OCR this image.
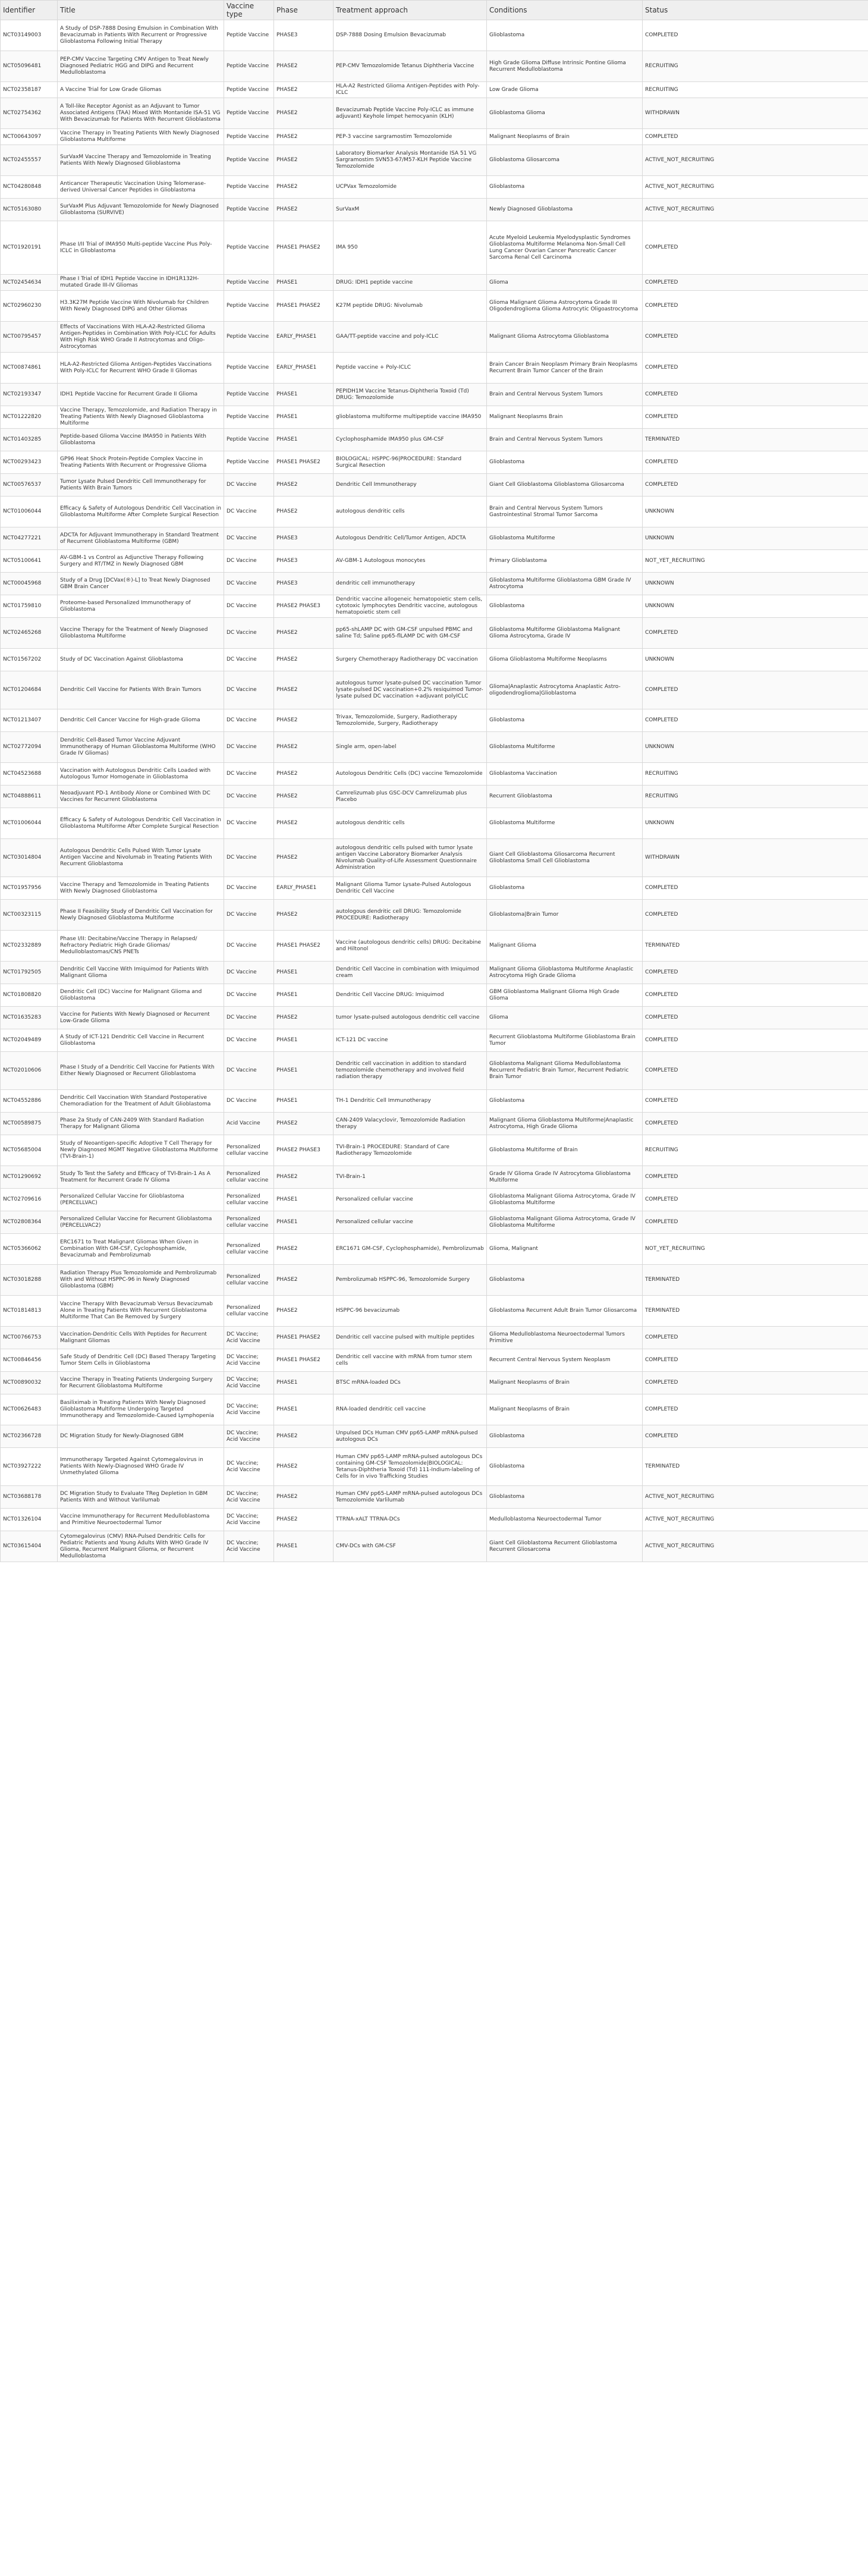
Identifier	Title	Vaccine type	Phase	Treatment approach	Conditions	Status
NCT03149003	A Study of DSP-7888 Dosing Emulsion in Combination With Bevacizumab in Patients With Recurrent or Progressive Glioblastoma Following Initial Therapy	Peptide Vaccine	PHASE3	DSP-7888 Dosing Emulsion Bevacizumab	Glioblastoma	COMPLETED
NCT05096481	PEP-CMV Vaccine Targeting CMV Antigen to Treat Newly Diagnosed Pediatric HGG and DIPG and Recurrent Medulloblastoma	Peptide Vaccine	PHASE2	PEP-CMV Temozolomide Tetanus Diphtheria Vaccine	High Grade Glioma Diffuse Intrinsic Pontine Glioma Recurrent Medulloblastoma	RECRUITING
NCT02358187	A Vaccine Trial for Low Grade Gliomas	Peptide Vaccine	PHASE2	HLA-A2 Restricted Glioma Antigen-Peptides with Poly-ICLC	Low Grade Glioma	RECRUITING
NCT02754362	A Toll-like Receptor Agonist as an Adjuvant to Tumor Associated Antigens (TAA) Mixed With Montanide ISA-51 VG With Bevacizumab for Patients With Recurrent Glioblastoma	Peptide Vaccine	PHASE2	Bevacizumab Peptide Vaccine Poly-ICLC as immune adjuvant) Keyhole limpet hemocyanin (KLH)	Glioblastoma Glioma	WITHDRAWN
NCT00643097	Vaccine Therapy in Treating Patients With Newly Diagnosed Glioblastoma Multiforme	Peptide Vaccine	PHASE2	PEP-3 vaccine sargramostim Temozolomide	Malignant Neoplasms of Brain	COMPLETED
NCT02455557	SurVaxM Vaccine Therapy and Temozolomide in Treating Patients With Newly Diagnosed Glioblastoma	Peptide Vaccine	PHASE2	Laboratory Biomarker Analysis Montanide ISA 51 VG Sargramostim SVN53-67/M57-KLH Peptide Vaccine Temozolomide	Glioblastoma Gliosarcoma	ACTIVE_NOT_RECRUITING
NCT04280848	Anticancer Therapeutic Vaccination Using Telomerase-derived Universal Cancer Peptides in Glioblastoma	Peptide Vaccine	PHASE2	UCPVax Temozolomide	Glioblastoma	ACTIVE_NOT_RECRUITING
NCT05163080	SurVaxM Plus Adjuvant Temozolomide for Newly Diagnosed Glioblastoma (SURVIVE)	Peptide Vaccine	PHASE2	SurVaxM	Newly Diagnosed Glioblastoma	ACTIVE_NOT_RECRUITING
NCT01920191	Phase I/II Trial of IMA950 Multi-peptide Vaccine Plus Poly-ICLC in Glioblastoma	Peptide Vaccine	PHASE1 PHASE2	IMA 950	Acute Myeloid Leukemia Myelodysplastic Syndromes Glioblastoma Multiforme Melanoma Non-Small Cell Lung Cancer Ovarian Cancer Pancreatic Cancer Sarcoma Renal Cell Carcinoma	COMPLETED
NCT02454634	Phase I Trial of IDH1 Peptide Vaccine in IDH1R132H-mutated Grade III-IV Gliomas	Peptide Vaccine	PHASE1	DRUG: IDH1 peptide vaccine	Glioma	COMPLETED
NCT02960230	H3.3K27M Peptide Vaccine With Nivolumab for Children With Newly Diagnosed DIPG and Other Gliomas	Peptide Vaccine	PHASE1 PHASE2	K27M peptide DRUG: Nivolumab	Glioma Malignant Glioma Astrocytoma Grade III Oligodendroglioma Glioma Astrocytic Oligoastrocytoma	COMPLETED
NCT00795457	Effects of Vaccinations With HLA-A2-Restricted Glioma Antigen-Peptides in Combination With Poly-ICLC for Adults With High Risk WHO Grade II Astrocytomas and Oligo-Astrocytomas	Peptide Vaccine	EARLY_PHASE1	GAA/TT-peptide vaccine and poly-ICLC	Malignant Glioma Astrocytoma Glioblastoma	COMPLETED
NCT00874861	HLA-A2-Restricted Glioma Antigen-Peptides Vaccinations With Poly-ICLC for Recurrent WHO Grade II Gliomas	Peptide Vaccine	EARLY_PHASE1	Peptide vaccine + Poly-ICLC	Brain Cancer Brain Neoplasm Primary Brain Neoplasms Recurrent Brain Tumor Cancer of the Brain	COMPLETED
NCT02193347	IDH1 Peptide Vaccine for Recurrent Grade II Glioma	Peptide Vaccine	PHASE1	PEPIDH1M Vaccine Tetanus-Diphtheria Toxoid (Td) DRUG: Temozolomide	Brain and Central Nervous System Tumors	COMPLETED
NCT01222820	Vaccine Therapy, Temozolomide, and Radiation Therapy in Treating Patients With Newly Diagnosed Glioblastoma Multiforme	Peptide Vaccine	PHASE1	glioblastoma multiforme multipeptide vaccine IMA950	Malignant Neoplasms Brain	COMPLETED
NCT01403285	Peptide-based Glioma Vaccine IMA950 in Patients With Glioblastoma	Peptide Vaccine	PHASE1	Cyclophosphamide IMA950 plus GM-CSF	Brain and Central Nervous System Tumors	TERMINATED
NCT00293423	GP96 Heat Shock Protein-Peptide Complex Vaccine in Treating Patients With Recurrent or Progressive Glioma	Peptide Vaccine	PHASE1 PHASE2	BIOLOGICAL: HSPPC-96|PROCEDURE: Standard Surgical Resection	Glioblastoma	COMPLETED
NCT00576537	Tumor Lysate Pulsed Dendritic Cell Immunotherapy for Patients With Brain Tumors	DC Vaccine	PHASE2	Dendritic Cell Immunotherapy	Giant Cell Glioblastoma Glioblastoma Gliosarcoma	COMPLETED
NCT01006044	Efficacy & Safety of Autologous Dendritic Cell Vaccination in Glioblastoma Multiforme After Complete Surgical Resection	DC Vaccine	PHASE2	autologous dendritic cells	Brain and Central Nervous System Tumors Gastrointestinal Stromal Tumor Sarcoma	UNKNOWN
NCT04277221	ADCTA for Adjuvant Immunotherapy in Standard Treatment of Recurrent Glioblastoma Multiforme (GBM)	DC Vaccine	PHASE3	Autologous Dendritic Cell/Tumor Antigen, ADCTA	Glioblastoma Multiforme	UNKNOWN
NCT05100641	AV-GBM-1 vs Control as Adjunctive Therapy Following Surgery and RT/TMZ in Newly Diagnosed GBM	DC Vaccine	PHASE3	AV-GBM-1 Autologous monocytes	Primary Glioblastoma	NOT_YET_RECRUITING
NCT00045968	Study of a Drug [DCVax(®)-L] to Treat Newly Diagnosed GBM Brain Cancer	DC Vaccine	PHASE3	dendritic cell immunotherapy	Glioblastoma Multiforme Glioblastoma GBM Grade IV Astrocytoma	UNKNOWN
NCT01759810	Proteome-based Personalized Immunotherapy of Glioblastoma	DC Vaccine	PHASE2 PHASE3	Dendritic vaccine allogeneic hematopoietic stem cells, cytotoxic lymphocytes Dendritic vaccine, autologous hematopoietic stem cell	Glioblastoma	UNKNOWN
NCT02465268	Vaccine Therapy for the Treatment of Newly Diagnosed Glioblastoma Multiforme	DC Vaccine	PHASE2	pp65-shLAMP DC with GM-CSF unpulsed PBMC and saline Td; Saline pp65-flLAMP DC with GM-CSF	Glioblastoma Multiforme Glioblastoma Malignant Glioma Astrocytoma, Grade IV	COMPLETED
NCT01567202	Study of DC Vaccination Against Glioblastoma	DC Vaccine	PHASE2	Surgery Chemotherapy Radiotherapy DC vaccination	Glioma Glioblastoma Multiforme Neoplasms	UNKNOWN
NCT01204684	Dendritic Cell Vaccine for Patients With Brain Tumors	DC Vaccine	PHASE2	autologous tumor lysate-pulsed DC vaccination Tumor lysate-pulsed DC vaccination+0.2% resiquimod Tumor-lysate pulsed DC vaccination +adjuvant polyICLC	Glioma|Anaplastic Astrocytoma Anaplastic Astro-oligodendroglioma|Glioblastoma	COMPLETED
NCT01213407	Dendritic Cell Cancer Vaccine for High-grade Glioma	DC Vaccine	PHASE2	Trivax, Temozolomide, Surgery, Radiotherapy Temozolomide, Surgery, Radiotherapy	Glioblastoma	COMPLETED
NCT02772094	Dendritic Cell-Based Tumor Vaccine Adjuvant Immunotherapy of Human Glioblastoma Multiforme (WHO Grade IV Gliomas)	DC Vaccine	PHASE2	Single arm, open-label	Glioblastoma Multiforme	UNKNOWN
NCT04523688	Vaccination with Autologous Dendritic Cells Loaded with Autologous Tumor Homogenate in Glioblastoma	DC Vaccine	PHASE2	Autologous Dendritic Cells (DC) vaccine Temozolomide	Glioblastoma Vaccination	RECRUITING
NCT04888611	Neoadjuvant PD-1 Antibody Alone or Combined With DC Vaccines for Recurrent Glioblastoma	DC Vaccine	PHASE2	Camrelizumab plus GSC-DCV Camrelizumab plus Placebo	Recurrent Glioblastoma	RECRUITING
NCT01006044	Efficacy & Safety of Autologous Dendritic Cell Vaccination in Glioblastoma Multiforme After Complete Surgical Resection	DC Vaccine	PHASE2	autologous dendritic cells	Glioblastoma Multiforme	UNKNOWN
NCT03014804	Autologous Dendritic Cells Pulsed With Tumor Lysate Antigen Vaccine and Nivolumab in Treating Patients With Recurrent Glioblastoma	DC Vaccine	PHASE2	autologous dendritic cells pulsed with tumor lysate antigen Vaccine Laboratory Biomarker Analysis Nivolumab Quality-of-Life Assessment Questionnaire Administration	Giant Cell Glioblastoma Gliosarcoma Recurrent Glioblastoma Small Cell Glioblastoma	WITHDRAWN
NCT01957956	Vaccine Therapy and Temozolomide in Treating Patients With Newly Diagnosed Glioblastoma	DC Vaccine	EARLY_PHASE1	Malignant Glioma Tumor Lysate-Pulsed Autologous Dendritic Cell Vaccine	Glioblastoma	COMPLETED
NCT00323115	Phase II Feasibility Study of Dendritic Cell Vaccination for Newly Diagnosed Glioblastoma Multiforme	DC Vaccine	PHASE2	autologous dendritic cell DRUG: Temozolomide PROCEDURE: Radiotherapy	Glioblastoma|Brain Tumor	COMPLETED
NCT02332889	Phase I/II: Decitabine/Vaccine Therapy in Relapsed/ Refractory Pediatric High Grade Gliomas/ Medulloblastomas/CNS PNETs	DC Vaccine	PHASE1 PHASE2	Vaccine (autologous dendritic cells) DRUG: Decitabine and Hiltonol	Malignant Glioma	TERMINATED
NCT01792505	Dendritic Cell Vaccine With Imiquimod for Patients With Malignant Glioma	DC Vaccine	PHASE1	Dendritic Cell Vaccine in combination with Imiquimod cream	Malignant Glioma Glioblastoma Multiforme Anaplastic Astrocytoma High Grade Glioma	COMPLETED
NCT01808820	Dendritic Cell (DC) Vaccine for Malignant Glioma and Glioblastoma	DC Vaccine	PHASE1	Dendritic Cell Vaccine DRUG: Imiquimod	GBM Glioblastoma Malignant Glioma High Grade Glioma	COMPLETED
NCT01635283	Vaccine for Patients With Newly Diagnosed or Recurrent Low-Grade Glioma	DC Vaccine	PHASE2	tumor lysate-pulsed autologous dendritic cell vaccine	Glioma	COMPLETED
NCT02049489	A Study of ICT-121 Dendritic Cell Vaccine in Recurrent Glioblastoma	DC Vaccine	PHASE1	ICT-121 DC vaccine	Recurrent Glioblastoma Multiforme Glioblastoma Brain Tumor	COMPLETED
NCT02010606	Phase I Study of a Dendritic Cell Vaccine for Patients With Either Newly Diagnosed or Recurrent Glioblastoma	DC Vaccine	PHASE1	Dendritic cell vaccination in addition to standard temozolomide chemotherapy and involved field radiation therapy	Glioblastoma Malignant Glioma Medulloblastoma Recurrent Pediatric Brain Tumor, Recurrent Pediatric Brain Tumor	COMPLETED
NCT04552886	Dendritic Cell Vaccination With Standard Postoperative Chemoradiation for the Treatment of Adult Glioblastoma	DC Vaccine	PHASE1	TH-1 Dendritic Cell Immunotherapy	Glioblastoma	COMPLETED
NCT00589875	Phase 2a Study of CAN-2409 With Standard Radiation Therapy for Malignant Glioma	Acid Vaccine	PHASE2	CAN-2409 Valacyclovir, Temozolomide Radiation therapy	Malignant Glioma Glioblastoma Multiforme|Anaplastic Astrocytoma, High Grade Glioma	COMPLETED
NCT05685004	Study of Neoantigen-specific Adoptive T Cell Therapy for Newly Diagnosed MGMT Negative Glioblastoma Multiforme (TVI-Brain-1)	Personalized cellular vaccine	PHASE2 PHASE3	TVI-Brain-1 PROCEDURE: Standard of Care Radiotherapy Temozolomide	Glioblastoma Multiforme of Brain	RECRUITING
NCT01290692	Study To Test the Safety and Efficacy of TVI-Brain-1 As A Treatment for Recurrent Grade IV Glioma	Personalized cellular vaccine	PHASE2	TVI-Brain-1	Grade IV Glioma Grade IV Astrocytoma Glioblastoma Multiforme	COMPLETED
NCT02709616	Personalized Cellular Vaccine for Glioblastoma (PERCELLVAC)	Personalized cellular vaccine	PHASE1	Personalized cellular vaccine	Glioblastoma Malignant Glioma Astrocytoma, Grade IV Glioblastoma Multiforme	COMPLETED
NCT02808364	Personalized Cellular Vaccine for Recurrent Glioblastoma (PERCELLVAC2)	Personalized cellular vaccine	PHASE1	Personalized cellular vaccine	Glioblastoma Malignant Glioma Astrocytoma, Grade IV Glioblastoma Multiforme	COMPLETED
NCT05366062	ERC1671 to Treat Malignant Gliomas When Given in Combination With GM-CSF, Cyclophosphamide, Bevacizumab and Pembrolizumab	Personalized cellular vaccine	PHASE2	ERC1671 GM-CSF, Cyclophosphamide), Pembrolizumab	Glioma, Malignant	NOT_YET_RECRUITING
NCT03018288	Radiation Therapy Plus Temozolomide and Pembrolizumab With and Without HSPPC-96 in Newly Diagnosed Glioblastoma (GBM)	Personalized cellular vaccine	PHASE2	Pembrolizumab HSPPC-96, Temozolomide Surgery	Glioblastoma	TERMINATED
NCT01814813	Vaccine Therapy With Bevacizumab Versus Bevacizumab Alone in Treating Patients With Recurrent Glioblastoma Multiforme That Can Be Removed by Surgery	Personalized cellular vaccine	PHASE2	HSPPC-96 bevacizumab	Glioblastoma Recurrent Adult Brain Tumor Gliosarcoma	TERMINATED
NCT00766753	Vaccination-Dendritic Cells With Peptides for Recurrent Malignant Gliomas	DC Vaccine; Acid Vaccine	PHASE1 PHASE2	Dendritic cell vaccine pulsed with multiple peptides	Glioma Medulloblastoma Neuroectodermal Tumors Primitive	COMPLETED
NCT00846456	Safe Study of Dendritic Cell (DC) Based Therapy Targeting Tumor Stem Cells in Glioblastoma	DC Vaccine; Acid Vaccine	PHASE1 PHASE2	Dendritic cell vaccine with mRNA from tumor stem cells	Recurrent Central Nervous System Neoplasm	COMPLETED
NCT00890032	Vaccine Therapy in Treating Patients Undergoing Surgery for Recurrent Glioblastoma Multiforme	DC Vaccine; Acid Vaccine	PHASE1	BTSC mRNA-loaded DCs	Malignant Neoplasms of Brain	COMPLETED
NCT00626483	Basiliximab in Treating Patients With Newly Diagnosed Glioblastoma Multiforme Undergoing Targeted Immunotherapy and Temozolomide-Caused Lymphopenia	DC Vaccine; Acid Vaccine	PHASE1	RNA-loaded dendritic cell vaccine	Malignant Neoplasms of Brain	COMPLETED
NCT02366728	DC Migration Study for Newly-Diagnosed GBM	DC Vaccine; Acid Vaccine	PHASE2	Unpulsed DCs Human CMV pp65-LAMP mRNA-pulsed autologous DCs	Glioblastoma	COMPLETED
NCT03927222	Immunotherapy Targeted Against Cytomegalovirus in Patients With Newly-Diagnosed WHO Grade IV Unmethylated Glioma	DC Vaccine; Acid Vaccine	PHASE2	Human CMV pp65-LAMP mRNA-pulsed autologous DCs containing GM-CSF Temozolomide|BIOLOGICAL: Tetanus-Diphtheria Toxoid (Td) 111-Indium-labeling of Cells for in vivo Trafficking Studies	Glioblastoma	TERMINATED
NCT03688178	DC Migration Study to Evaluate TReg Depletion In GBM Patients With and Without Varlilumab	DC Vaccine; Acid Vaccine	PHASE2	Human CMV pp65-LAMP mRNA-pulsed autologous DCs Temozolomide Varlilumab	Glioblastoma	ACTIVE_NOT_RECRUITING
NCT01326104	Vaccine Immunotherapy for Recurrent Medulloblastoma and Primitive Neuroectodermal Tumor	DC Vaccine; Acid Vaccine	PHASE2	TTRNA-xALT TTRNA-DCs	Medulloblastoma Neuroectodermal Tumor	ACTIVE_NOT_RECRUITING
NCT03615404	Cytomegalovirus (CMV) RNA-Pulsed Dendritic Cells for Pediatric Patients and Young Adults With WHO Grade IV Glioma, Recurrent Malignant Glioma, or Recurrent Medulloblastoma	DC Vaccine; Acid Vaccine	PHASE1	CMV-DCs with GM-CSF	Giant Cell Glioblastoma Recurrent Glioblastoma Recurrent Gliosarcoma	ACTIVE_NOT_RECRUITING
